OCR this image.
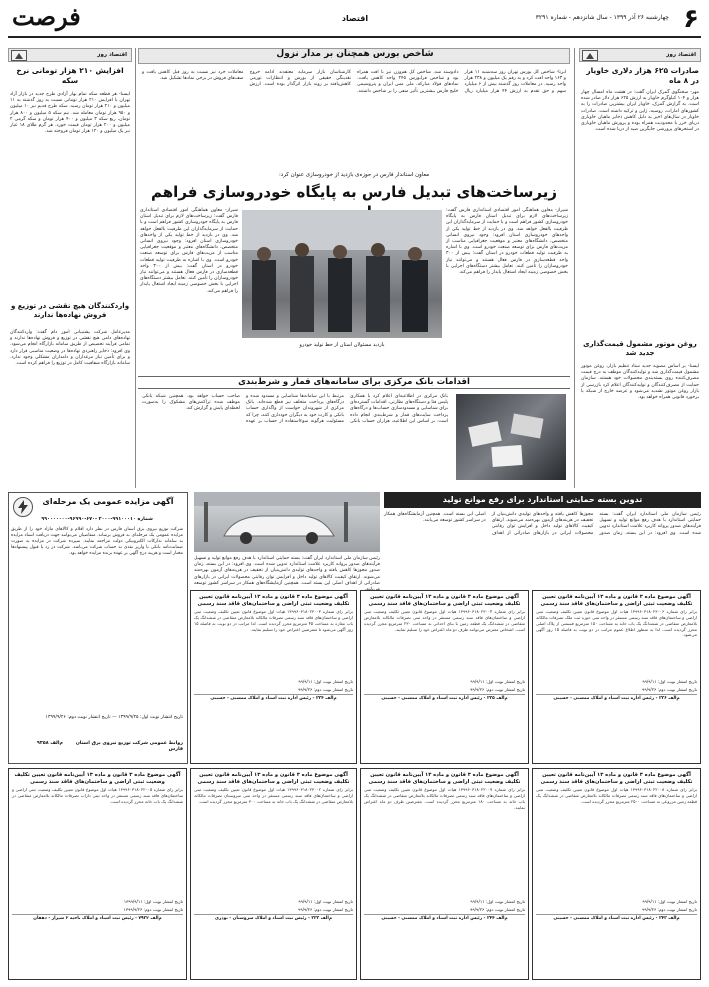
۶
چهارشنبه ۲۶ آذر ۱۳۹۹ - سال شانزدهم - شماره ۳۲۹۱
اقتصاد
فرصت
اقتصاد روز
صادرات ۶۲۵ هزار دلاری خاویار در ۸ ماه
مهر- سخنگوی گمرک ایران گفت: در هشت ماه امسال چهار هزار و ۱۰۴ کیلوگرم خاویار به ارزش ۶۲۵ هزار دلار صادر شده است. به گزارش گمرک، خاویار ایران بیشترین صادرات را به کشورهای امارات، روسیه، ژاپن و ترکیه داشته است. صادرات خاویار در سال‌های اخیر به دلیل کاهش ذخایر ماهیان خاویاری دریای خزر با محدودیت همراه بوده و پرورش ماهیان خاویاری در استخرهای پرورشی جایگزین صید از دریا شده است.
روغن موتور مشمول قیمت‌گذاری جدید شد
ایسنا- بر اساس مصوبه جدید ستاد تنظیم بازار، روغن موتور مشمول قیمت‌گذاری شد و تولیدکنندگان موظف به درج قیمت مصرف‌کننده روی بسته‌بندی محصولات خود هستند. سازمان حمایت از مصرف‌کنندگان و تولیدکنندگان اعلام کرد بازرسی از بازار روغن موتور تشدید می‌شود و عرضه خارج از شبکه با برخورد قانونی همراه خواهد بود.
شاخص بورس همچنان بر مدار نزول
ایرنا- شاخص کل بورس تهران روز سه‌شنبه ۱۱ هزار و ۱۶۳ واحد افت کرد و به رقم یک میلیون و ۲۳۸ هزار واحد رسید. در معاملات روز گذشته بیش از ۶ میلیارد سهم و حق تقدم به ارزش ۴۴ هزار میلیارد ریال دادوستد شد. شاخص کل هم‌وزن نیز با افت همراه بود و شاخص فرابورس ۲۴۵ واحد کاهش یافت. نمادهای فولاد مبارکه، ملی مس ایران و پتروشیمی خلیج فارس بیشترین تأثیر منفی را بر شاخص داشتند. کارشناسان بازار سرمایه معتقدند ادامه خروج نقدینگی حقیقی از بورس و انتظارات تورمی کاهش‌یافته بر روند بازار اثرگذار بوده است. ارزش معاملات خرد نیز نسبت به روز قبل کاهش یافت و صف‌های فروش در برخی نمادها تشکیل شد.
اقتصاد روز
افزایش ۲۱۰ هزار تومانی نرخ سکه
ایسنا- هر قطعه سکه تمام بهار آزادی طرح جدید در بازار آزاد تهران با افزایش ۲۱۰ هزار تومانی نسبت به روز گذشته به ۱۱ میلیون و ۲۱۰ هزار تومان رسید. سکه طرح قدیم نیز ۱۰ میلیون و ۹۵۰ هزار تومان معامله شد. نیم سکه ۵ میلیون و ۸۰۰ هزار تومان، ربع سکه ۳ میلیون و ۴۰۰ هزار تومان و سکه گرمی ۲ میلیون و ۲۰۰ هزار تومان قیمت خورد. هر گرم طلای ۱۸ عیار نیز یک میلیون و ۱۲۰ هزار تومان فروخته شد.
واردکنندگان هیچ نقشی در توزیع و فروش نهاده‌ها ندارند
مدیرعامل شرکت پشتیبانی امور دام گفت: واردکنندگان نهاده‌های دامی هیچ نقشی در توزیع و فروش نهاده‌ها ندارند و تمامی فرآیند تخصیص از طریق سامانه بازارگاه انجام می‌شود. وی افزود: ذخایر راهبردی نهاده‌ها در وضعیت مناسبی قرار دارد و برای تأمین نیاز مرغداران و دامداران مشکلی وجود ندارد. سامانه بازارگاه شفافیت کامل در توزیع را فراهم کرده است.
معاون استاندار فارس در حوزه‌ی بازدید از خودروسازی عنوان کرد:
زیرساخت‌های تبدیل فارس به پایگاه خودروسازی فراهم
شیراز- معاون هماهنگی امور اقتصادی استانداری فارس گفت: زیرساخت‌های لازم برای تبدیل استان فارس به پایگاه خودروسازی کشور فراهم است و با حمایت از سرمایه‌گذاران این ظرفیت بالفعل خواهد شد. وی در بازدید از خط تولید یکی از واحدهای خودروسازی استان افزود: وجود نیروی انسانی متخصص، دانشگاه‌های معتبر و موقعیت جغرافیایی مناسب از مزیت‌های فارس برای توسعه صنعت خودرو است. وی با اشاره به ظرفیت تولید قطعات خودرو در استان گفت: بیش از ۳۰۰ واحد قطعه‌سازی در فارس فعال هستند و می‌توانند نیاز خودروسازان را تأمین کنند. تعامل بیشتر دستگاه‌های اجرایی با بخش خصوصی زمینه ایجاد اشتغال پایدار را فراهم می‌کند.
بازدید مسئولان استان از خط تولید خودرو
شیراز- معاون هماهنگی امور اقتصادی استانداری فارس گفت: زیرساخت‌های لازم برای تبدیل استان فارس به پایگاه خودروسازی کشور فراهم است و با حمایت از سرمایه‌گذاران این ظرفیت بالفعل خواهد شد. وی در بازدید از خط تولید یکی از واحدهای خودروسازی استان افزود: وجود نیروی انسانی متخصص، دانشگاه‌های معتبر و موقعیت جغرافیایی مناسب از مزیت‌های فارس برای توسعه صنعت خودرو است. وی با اشاره به ظرفیت تولید قطعات خودرو در استان گفت: بیش از ۳۰۰ واحد قطعه‌سازی در فارس فعال هستند و می‌توانند نیاز خودروسازان را تأمین کنند. تعامل بیشتر دستگاه‌های اجرایی با بخش خصوصی زمینه ایجاد اشتغال پایدار را فراهم می‌کند.
اقدامات بانک مرکزی برای سامانه‌های قمار و شرط‌بندی
بانک مرکزی در اطلاعیه‌ای اعلام کرد با همکاری پلیس فتا و دستگاه‌های نظارتی، اقدامات گسترده‌ای برای شناسایی و مسدودسازی حساب‌ها و درگاه‌های پرداخت سایت‌های قمار و شرط‌بندی انجام داده است. بر اساس این اطلاعیه، هزاران حساب بانکی مرتبط با این سامانه‌ها شناسایی و مسدود شده و درگاه‌های پرداخت متخلف نیز قطع شده‌اند. بانک مرکزی از شهروندان خواست از واگذاری حساب بانکی و کارت خود به دیگران خودداری کنند، چرا که مسئولیت هرگونه سوءاستفاده از حساب بر عهده صاحب حساب خواهد بود. همچنین شبکه بانکی موظف شده تراکنش‌های مشکوک را به‌صورت لحظه‌ای پایش و گزارش کند.
تدوین بسته حمایتی استاندارد برای رفع موانع تولید
رئیس سازمان ملی استاندارد ایران گفت: بسته حمایتی استاندارد با هدف رفع موانع تولید و تسهیل فرآیندهای صدور پروانه کاربرد علامت استاندارد تدوین شده است. وی افزود: در این بسته، زمان صدور مجوزها کاهش یافته و واحدهای تولیدی دانش‌بنیان از تخفیف در هزینه‌های آزمون بهره‌مند می‌شوند. ارتقای کیفیت کالاهای تولید داخل و افزایش توان رقابتی محصولات ایرانی در بازارهای صادراتی از اهداف اصلی این بسته است. همچنین آزمایشگاه‌های همکار در سراسر کشور توسعه می‌یابند.
رئیس سازمان ملی استاندارد ایران گفت: بسته حمایتی استاندارد با هدف رفع موانع تولید و تسهیل فرآیندهای صدور پروانه کاربرد علامت استاندارد تدوین شده است. وی افزود: در این بسته، زمان صدور مجوزها کاهش یافته و واحدهای تولیدی دانش‌بنیان از تخفیف در هزینه‌های آزمون بهره‌مند می‌شوند. ارتقای کیفیت کالاهای تولید داخل و افزایش توان رقابتی محصولات ایرانی در بازارهای صادراتی از اهداف اصلی این بسته است. همچنین آزمایشگاه‌های همکار در سراسر کشور توسعه می‌یابند.
آگهی مزایده عمومی یک مرحله‌ای
شماره ۹۹۱۰۰۰۱۰-۲۰۰۰ -۶۷۰-۹۶۹۹۰-۹۹۰۰۰۰۰۰۰
شرکت توزیع نیروی برق استان فارس در نظر دارد اقلام و کالاهای مازاد خود را از طریق مزایده عمومی یک مرحله‌ای به فروش برساند. متقاضیان می‌توانند جهت دریافت اسناد مزایده به سامانه تدارکات الکترونیکی دولت مراجعه نمایند. سپرده شرکت در مزایده به صورت ضمانت‌نامه بانکی یا واریز نقدی به حساب شرکت می‌باشد. شرکت در رد یا قبول پیشنهادها مختار است و هزینه درج آگهی بر عهده برنده مزایده خواهد بود.
تاریخ انتشار نوبت اول: ۱۳۹۹/۹/۲۵ — تاریخ انتشار نوبت دوم: ۱۳۹۹/۹/۲۶
روابط عمومی شرکت توزیع نیروی برق استان فارس
م‌الف ۹۴۵۸
آگهی موضوع ماده ۳ قانون و ماده ۱۳ آیین‌نامه قانون تعیین تکلیف وضعیت ثبتی اراضی و ساختمان‌های فاقد سند رسمی
برابر رای شماره ۱۳۹۹۶۰۳۱۸۰۲۳۰۰۶ هیات اول موضوع قانون تعیین تکلیف وضعیت ثبتی اراضی و ساختمان‌های فاقد سند رسمی مستقر در واحد ثبتی حوزه ثبت ملک تصرفات مالکانه بلامعارض متقاضی در ششدانگ یک باب خانه به مساحت ۱۵۰ مترمربع قسمتی از پلاک اصلی محرز گردیده است. لذا به منظور اطلاع عموم مراتب در دو نوبت به فاصله ۱۵ روز آگهی می‌شود.
تاریخ انتشار نوبت اول: ۹۹/۹/۱۱
تاریخ انتشار نوبت دوم: ۹۹/۹/۲۶
م‌الف ۳۳۶ - رئیس اداره ثبت اسناد و املاک ممسنی - حسینی
آگهی موضوع ماده ۳ قانون و ماده ۱۳ آیین‌نامه قانون تعیین تکلیف وضعیت ثبتی اراضی و ساختمان‌های فاقد سند رسمی
برابر رای شماره ۱۳۹۹۶۰۳۱۸۰۲۳۰۰۴ هیات اول موضوع قانون تعیین تکلیف وضعیت ثبتی اراضی و ساختمان‌های فاقد سند رسمی مستقر در واحد ثبتی تصرفات مالکانه بلامعارض متقاضی در ششدانگ یک قطعه زمین با بنای احداثی به مساحت ۲۳۰ مترمربع محرز گردیده است. اشخاص معترض می‌توانند ظرف دو ماه اعتراض خود را تسلیم نمایند.
تاریخ انتشار نوبت اول: ۹۹/۹/۱۱
تاریخ انتشار نوبت دوم: ۹۹/۹/۲۶
م‌الف ۳۳۵ - رئیس اداره ثبت اسناد و املاک ممسنی - حسینی
آگهی موضوع ماده ۳ قانون و ماده ۱۳ آیین‌نامه قانون تعیین تکلیف وضعیت ثبتی اراضی و ساختمان‌های فاقد سند رسمی
برابر رای شماره ۱۳۹۹۶۰۳۱۸۰۲۳۰۰۳ هیات اول موضوع قانون تعیین تکلیف وضعیت ثبتی اراضی و ساختمان‌های فاقد سند رسمی تصرفات مالکانه بلامعارض متقاضی در ششدانگ یک باب مغازه به مساحت ۴۵ مترمربع محرز گردیده است. لذا مراتب در دو نوبت به فاصله ۱۵ روز آگهی می‌شود تا معترضین اعتراض خود را تسلیم نمایند.
تاریخ انتشار نوبت اول: ۹۹/۹/۱۱
تاریخ انتشار نوبت دوم: ۹۹/۹/۲۶
م‌الف ۳۳۴ - رئیس اداره ثبت اسناد و املاک ممسنی - حسینی
آگهی موضوع ماده ۳ قانون و ماده ۱۳ آیین‌نامه قانون تعیین تکلیف وضعیت ثبتی اراضی و ساختمان‌های فاقد سند رسمی
برابر رای شماره ۱۳۹۹۶۰۳۱۸۰۲۲۰۰۸ هیات اول موضوع قانون تعیین تکلیف وضعیت ثبتی اراضی و ساختمان‌های فاقد سند رسمی تصرفات مالکانه بلامعارض متقاضی در ششدانگ یک قطعه زمین مزروعی به مساحت ۲۵۰۰ مترمربع محرز گردیده است.
تاریخ انتشار نوبت اول: ۹۹/۹/۱۱
تاریخ انتشار نوبت دوم: ۹۹/۹/۲۶
م‌الف ۳۴۳ - رئیس اداره ثبت اسناد و املاک ممسنی - حسینی
آگهی موضوع ماده ۳ قانون و ماده ۱۳ آیین‌نامه قانون تعیین تکلیف وضعیت ثبتی اراضی و ساختمان‌های فاقد سند رسمی
برابر رای شماره ۱۳۹۹۶۰۳۱۸۰۲۲۰۰۷ هیات اول موضوع قانون تعیین تکلیف وضعیت ثبتی اراضی و ساختمان‌های فاقد سند رسمی تصرفات مالکانه بلامعارض متقاضی در ششدانگ یک باب خانه به مساحت ۱۸۰ مترمربع محرز گردیده است. معترضین ظرف دو ماه اعتراض نمایند.
تاریخ انتشار نوبت اول: ۹۹/۹/۱۱
تاریخ انتشار نوبت دوم: ۹۹/۹/۲۶
م‌الف ۳۴۴ - رئیس اداره ثبت اسناد و املاک ممسنی - حسینی
آگهی موضوع ماده ۳ قانون و ماده ۱۳ آیین‌نامه قانون تعیین تکلیف وضعیت ثبتی اراضی و ساختمان‌های فاقد سند رسمی
برابر رای شماره ۱۳۹۹۶۰۳۱۸۰۲۳۰۰۲ هیات اول موضوع قانون تعیین تکلیف وضعیت ثبتی اراضی و ساختمان‌های فاقد سند رسمی مستقر در واحد ثبتی سروستان تصرفات مالکانه بلامعارض متقاضی در ششدانگ یک باب خانه به مساحت ۳۰۰ مترمربع محرز گردیده است.
تاریخ انتشار نوبت اول: ۹۹/۹/۱۱
تاریخ انتشار نوبت دوم: ۹۹/۹/۲۶
م‌الف ۳۳۳ - رئیس ثبت اسناد و املاک سروستان - نوذری
آگهی موضوع ماده ۳ قانون و ماده ۱۳ آیین‌نامه قانون تعیین تکلیف وضعیت ثبتی اراضی و ساختمان‌های فاقد سند رسمی
برابر رای شماره ۱۳۹۹۶۰۳۱۸۰۲۲۰۰۵ هیات اول موضوع قانون تعیین تکلیف وضعیت ثبتی اراضی و ساختمان‌های فاقد سند رسمی مستقر در واحد ثبتی داراب تصرفات مالکانه بلامعارض متقاضی در ششدانگ یک باب خانه محرز گردیده است.
تاریخ انتشار نوبت اول: ۱۳۹۹/۹/۱۱
تاریخ انتشار نوبت دوم: ۱۳۹۹/۹/۲۶
م‌الف ۷۹۳۲ - رئیس ثبت اسناد و املاک ناحیه ۲ شیراز - دهقان
